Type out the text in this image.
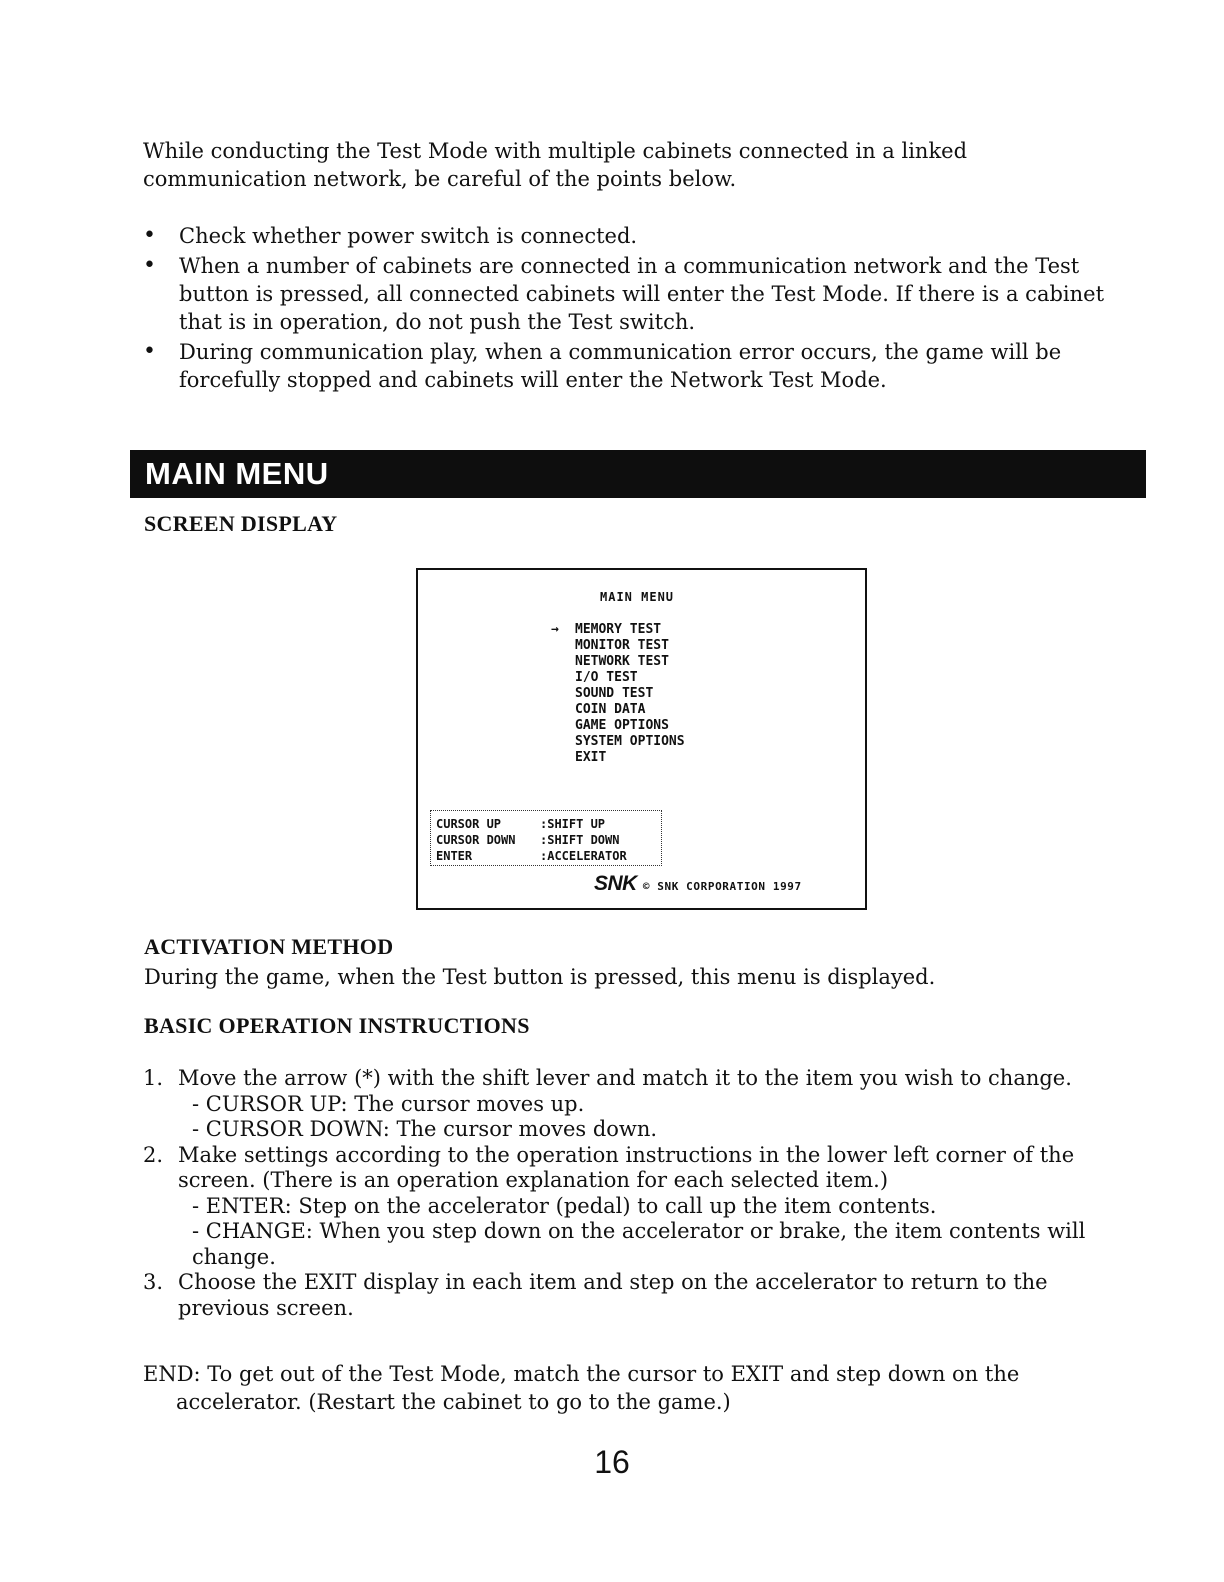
While conducting the Test Mode with multiple cabinets connected in a linked communication network, be careful of the points below.

• Check whether power switch is connected.
• When a number of cabinets are connected in a communication network and the Test button is pressed, all connected cabinets will enter the Test Mode. If there is a cabinet that is in operation, do not push the Test switch.
• During communication play, when a communication error occurs, the game will be forcefully stopped and cabinets will enter the Network Test Mode.
MAIN MENU
SCREEN DISPLAY
MAIN MENU
→ MEMORY TEST
MONITOR TEST
NETWORK TEST
I/O TEST
SOUND TEST
COIN DATA
GAME OPTIONS
SYSTEM OPTIONS
EXIT
CURSOR UP	:SHIFT UP
CURSOR DOWN	:SHIFT DOWN
ENTER	:ACCELERATOR
SNK © SNK CORPORATION 1997
ACTIVATION METHOD

During the game, when the Test button is pressed, this menu is displayed.

BASIC OPERATION INSTRUCTIONS
1. Move the arrow (*) with the shift lever and match it to the item you wish to change.
- CURSOR UP: The cursor moves up.
- CURSOR DOWN: The cursor moves down.
2. Make settings according to the operation instructions in the lower left corner of the screen. (There is an operation explanation for each selected item.)
- ENTER: Step on the accelerator (pedal) to call up the item contents.
- CHANGE: When you step down on the accelerator or brake, the item contents will change.
3. Choose the EXIT display in each item and step on the accelerator to return to the previous screen.

END: To get out of the Test Mode, match the cursor to EXIT and step down on the
accelerator. (Restart the cabinet to go to the game.)

16
